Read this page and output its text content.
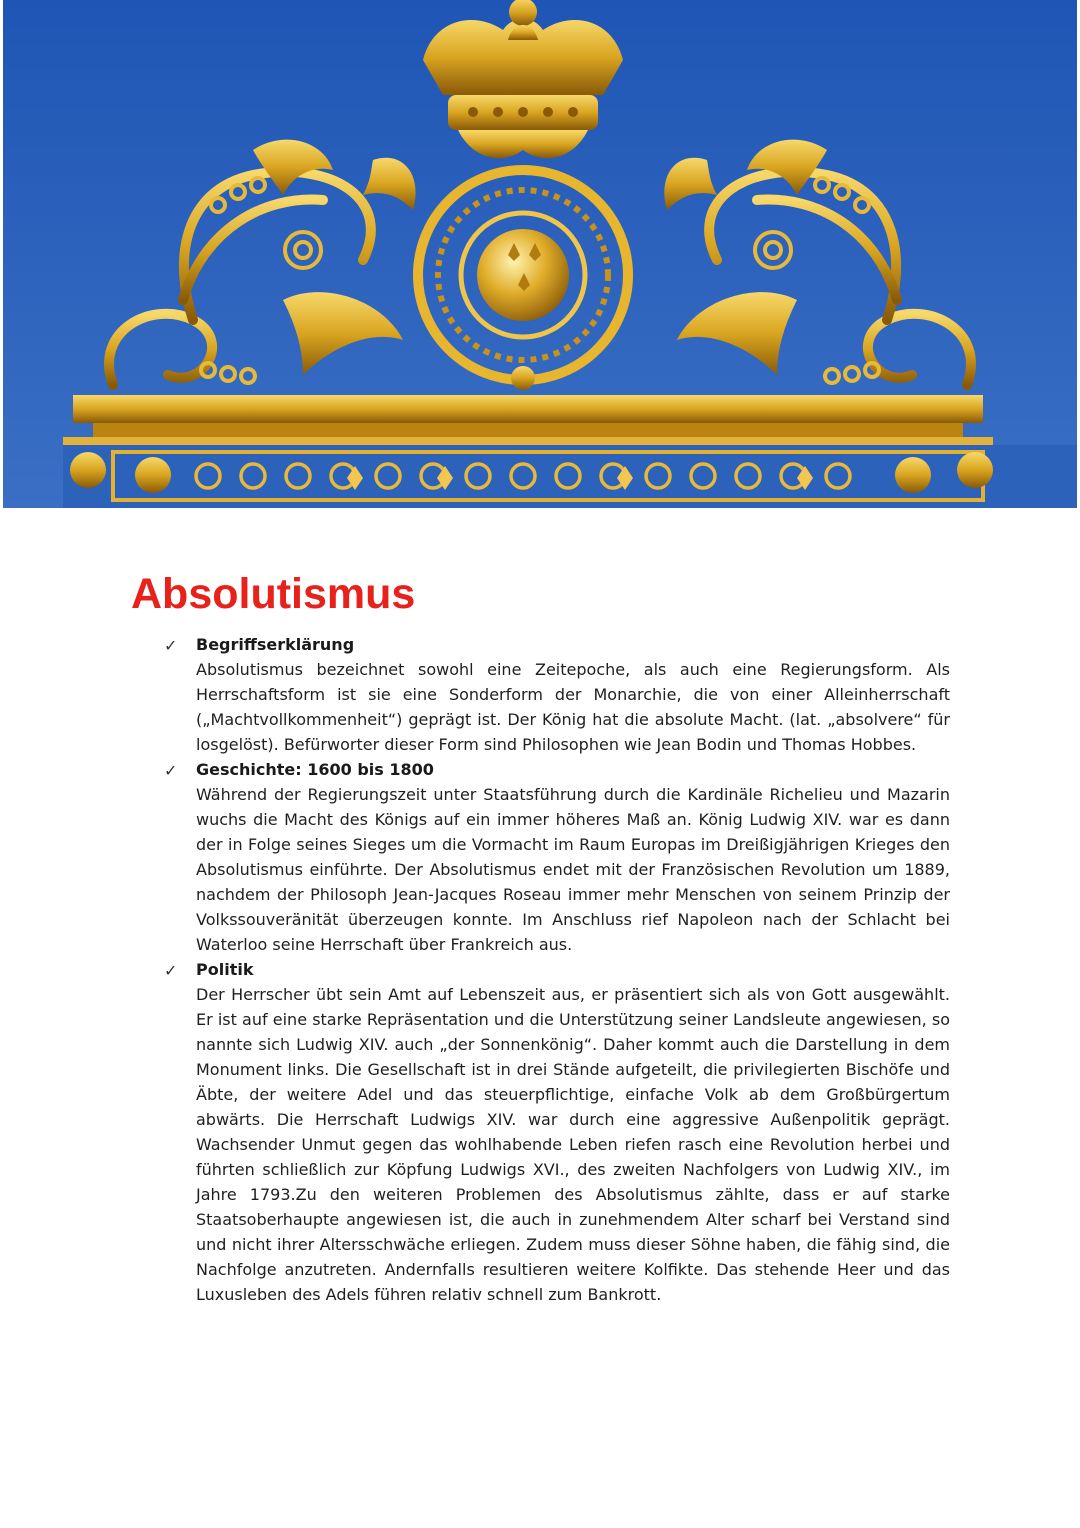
Absolutismus
✓	Begriffserklärung

Absolutismus bezeichnet sowohl eine Zeitepoche, als auch eine Regierungsform. Als Herrschaftsform ist sie eine Sonderform der Monarchie, die von einer Alleinherrschaft („Machtvollkommenheit“) geprägt ist. Der König hat die absolute Macht. (lat. „absolvere“ für losgelöst). Befürworter dieser Form sind Philosophen wie Jean Bodin und Thomas Hobbes.

✓	Geschichte: 1600 bis 1800

Während der Regierungszeit unter Staatsführung durch die Kardinäle Richelieu und Mazarin wuchs die Macht des Königs auf ein immer höheres Maß an. König Ludwig XIV. war es dann der in Folge seines Sieges um die Vormacht im Raum Europas im Dreißigjährigen Krieges den Absolutismus einführte. Der Absolutismus endet mit der Französischen Revolution um 1889, nachdem der Philosoph Jean-Jacques Roseau immer mehr Menschen von seinem Prinzip der Volkssouveränität überzeugen konnte. Im Anschluss rief Napoleon nach der Schlacht bei Waterloo seine Herrschaft über Frankreich aus.

✓	Politik

Der Herrscher übt sein Amt auf Lebenszeit aus, er präsentiert sich als von Gott ausgewählt. Er ist auf eine starke Repräsentation und die Unterstützung seiner Landsleute angewiesen, so nannte sich Ludwig XIV. auch „der Sonnenkönig“. Daher kommt auch die Darstellung in dem Monument links. Die Gesellschaft ist in drei Stände aufgeteilt, die privilegierten Bischöfe und Äbte, der weitere Adel und das steuerpflichtige, einfache Volk ab dem Großbürgertum abwärts. Die Herrschaft Ludwigs XIV. war durch eine aggressive Außenpolitik geprägt. Wachsender Unmut gegen das wohlhabende Leben riefen rasch eine Revolution herbei und führten schließlich zur Köpfung Ludwigs XVI., des zweiten Nachfolgers von Ludwig XIV., im Jahre 1793.Zu den weiteren Problemen des Absolutismus zählte, dass er auf starke Staatsoberhaupte angewiesen ist, die auch in zunehmendem Alter scharf bei Verstand sind und nicht ihrer Altersschwäche erliegen. Zudem muss dieser Söhne haben, die fähig sind, die Nachfolge anzutreten. Andernfalls resultieren weitere Kolfikte. Das stehende Heer und das Luxusleben des Adels führen relativ schnell zum Bankrott.
